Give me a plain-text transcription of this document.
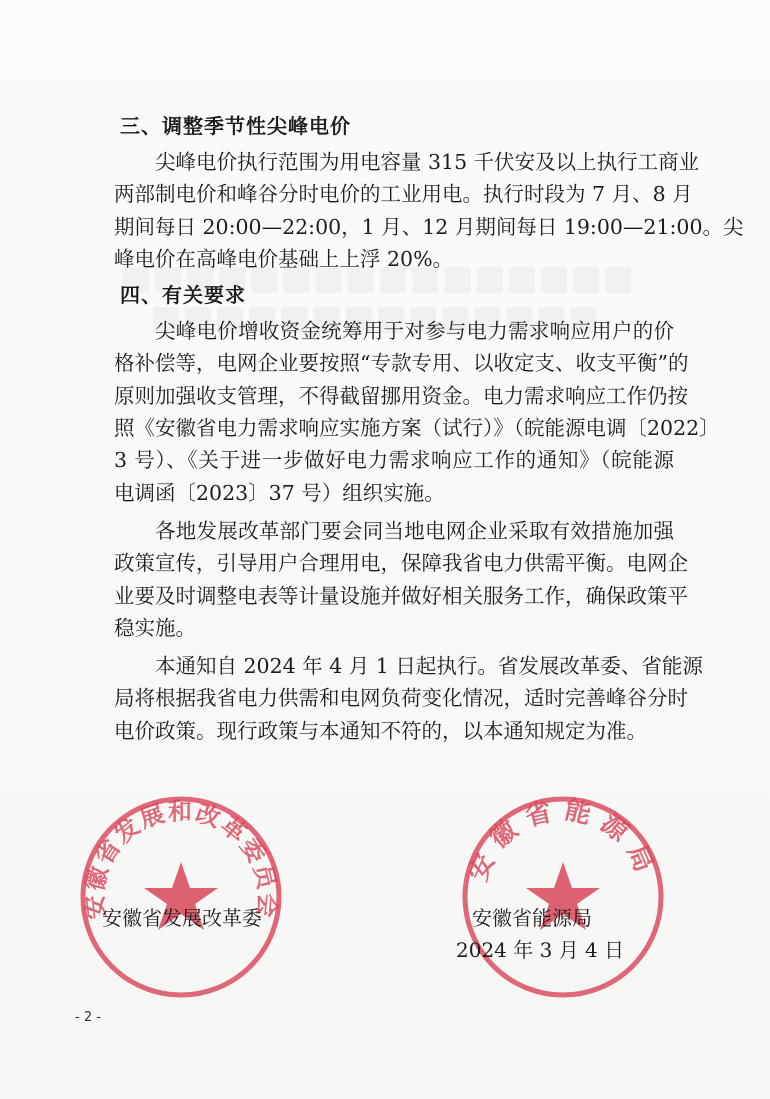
三、调整季节性尖峰电价
尖峰电价执行范围为用电容量 315 千伏安及以上执行工商业
两部制电价和峰谷分时电价的工业用电。执行时段为 7 月、8 月
期间每日 20:00—22:00，1 月、12 月期间每日 19:00—21:00。尖
峰电价在高峰电价基础上上浮 20%。
四、有关要求
尖峰电价增收资金统筹用于对参与电力需求响应用户的价
格补偿等，电网企业要按照“专款专用、以收定支、收支平衡”的
原则加强收支管理，不得截留挪用资金。电力需求响应工作仍按
照《安徽省电力需求响应实施方案（试行）》（皖能源电调〔2022〕
3 号）、《关于进一步做好电力需求响应工作的通知》（皖能源
电调函〔2023〕37 号）组织实施。
各地发展改革部门要会同当地电网企业采取有效措施加强
政策宣传，引导用户合理用电，保障我省电力供需平衡。电网企
业要及时调整电表等计量设施并做好相关服务工作，确保政策平
稳实施。
本通知自 2024 年 4 月 1 日起执行。省发展改革委、省能源
局将根据我省电力供需和电网负荷变化情况，适时完善峰谷分时
电价政策。现行政策与本通知不符的，以本通知规定为准。
安徽省发展和改革委员会
安徽省能源局
安徽省发展改革委	安徽省能源局
2024 年 3 月 4 日
- 2 -
